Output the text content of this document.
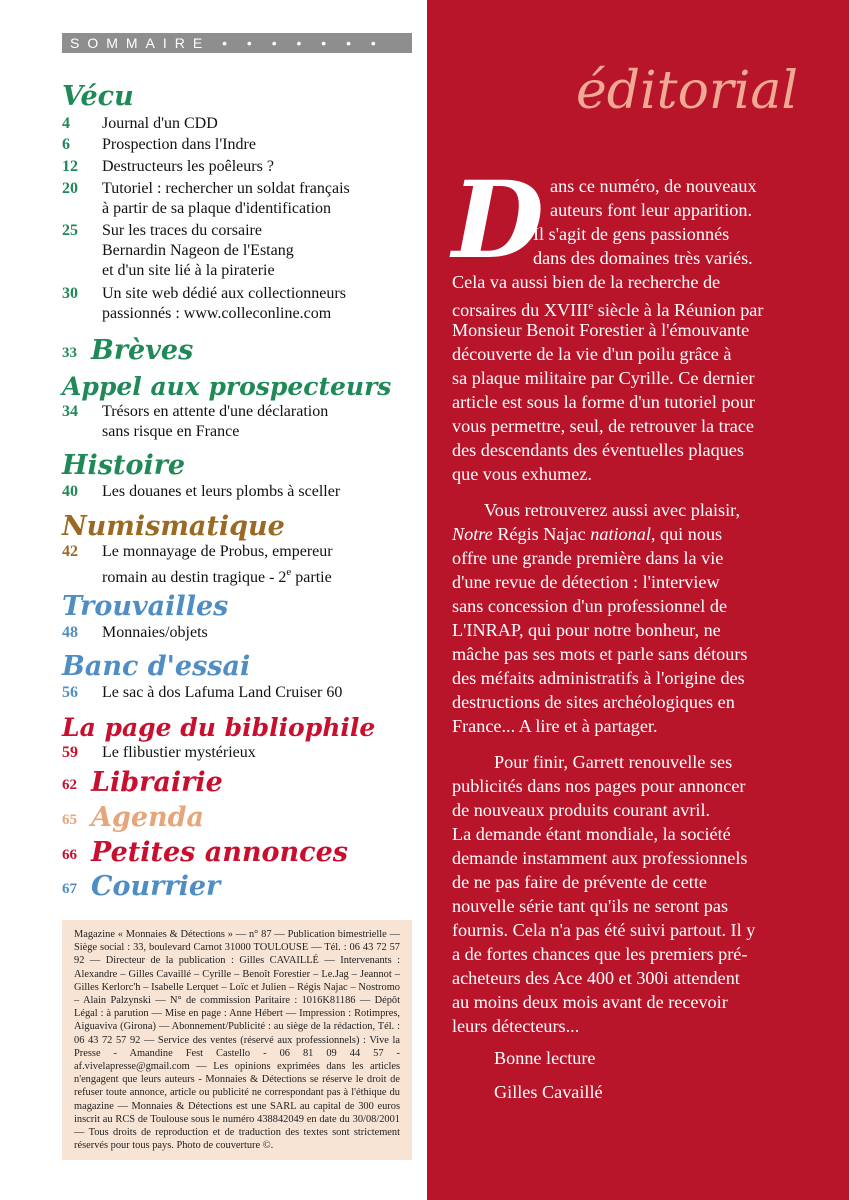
SOMMAIRE • • • • • • •
Vécu
4	Journal d'un CDD
6	Prospection dans l'Indre
12	Destructeurs les poêleurs ?
20	Tutoriel : rechercher un soldat français
à partir de sa plaque d'identification
25	Sur les traces du corsaire
Bernardin Nageon de l'Estang
et d'un site lié à la piraterie
30	Un site web dédié aux collectionneurs
passionnés : www.colleconline.com
33 Brèves
Appel aux prospecteurs
34	Trésors en attente d'une déclaration
sans risque en France
Histoire
40	Les douanes et leurs plombs à sceller
Numismatique
42	Le monnayage de Probus, empereur
romain au destin tragique - 2e partie
Trouvailles
48	Monnaies/objets
Banc d'essai
56	Le sac à dos Lafuma Land Cruiser 60
La page du bibliophile
59	Le flibustier mystérieux
62 Librairie
65 Agenda
66 Petites annonces
67 Courrier
Magazine « Monnaies & Détections » — n° 87 — Publication bimestrielle — Siège social : 33, boulevard Carnot 31000 TOULOUSE — Tél. : 06 43 72 57 92 — Directeur de la publication : Gilles CAVAILLÉ — Intervenants : Alexandre – Gilles Cavaillé – Cyrille – Benoît Forestier – Le.Jag – Jeannot – Gilles Kerlorc'h – Isabelle Lerquet – Loïc et Julien – Régis Najac – Nostromo – Alain Palzynski — N° de commission Paritaire : 1016K81186 — Dépôt Légal : à parution — Mise en page : Anne Hébert — Impression : Rotimpres, Aiguaviva (Girona) — Abonnement/Publicité : au siège de la rédaction, Tél. : 06 43 72 57 92 — Service des ventes (réservé aux professionnels) : Vive la Presse - Amandine Fest Castello - 06 81 09 44 57 - af.vivelapresse@gmail.com — Les opinions exprimées dans les articles n'engagent que leurs auteurs - Monnaies & Détections se réserve le droit de refuser toute annonce, article ou publicité ne correspondant pas à l'éthique du magazine — Monnaies & Détections est une SARL au capital de 300 euros inscrit au RCS de Toulouse sous le numéro 438842049 en date du 30/08/2001 — Tous droits de reproduction et de traduction des textes sont strictement réservés pour tous pays. Photo de couverture ©.
éditorial
D ans ce numéro, de nouveaux
auteurs font leur apparition.
Il s'agit de gens passionnés
dans des domaines très variés.
Cela va aussi bien de la recherche de
corsaires du XVIIIe siècle à la Réunion par
Monsieur Benoit Forestier à l'émouvante
découverte de la vie d'un poilu grâce à
sa plaque militaire par Cyrille. Ce dernier
article est sous la forme d'un tutoriel pour
vous permettre, seul, de retrouver la trace
des descendants des éventuelles plaques
que vous exhumez.
Vous retrouverez aussi avec plaisir,
Notre Régis Najac national, qui nous
offre une grande première dans la vie
d'une revue de détection : l'interview
sans concession d'un professionnel de
L'INRAP, qui pour notre bonheur, ne
mâche pas ses mots et parle sans détours
des méfaits administratifs à l'origine des
destructions de sites archéologiques en
France... A lire et à partager.
Pour finir, Garrett renouvelle ses
publicités dans nos pages pour annoncer
de nouveaux produits courant avril.
La demande étant mondiale, la société
demande instamment aux professionnels
de ne pas faire de prévente de cette
nouvelle série tant qu'ils ne seront pas
fournis. Cela n'a pas été suivi partout. Il y
a de fortes chances que les premiers pré-
acheteurs des Ace 400 et 300i attendent
au moins deux mois avant de recevoir
leurs détecteurs...
Bonne lecture
Gilles Cavaillé
